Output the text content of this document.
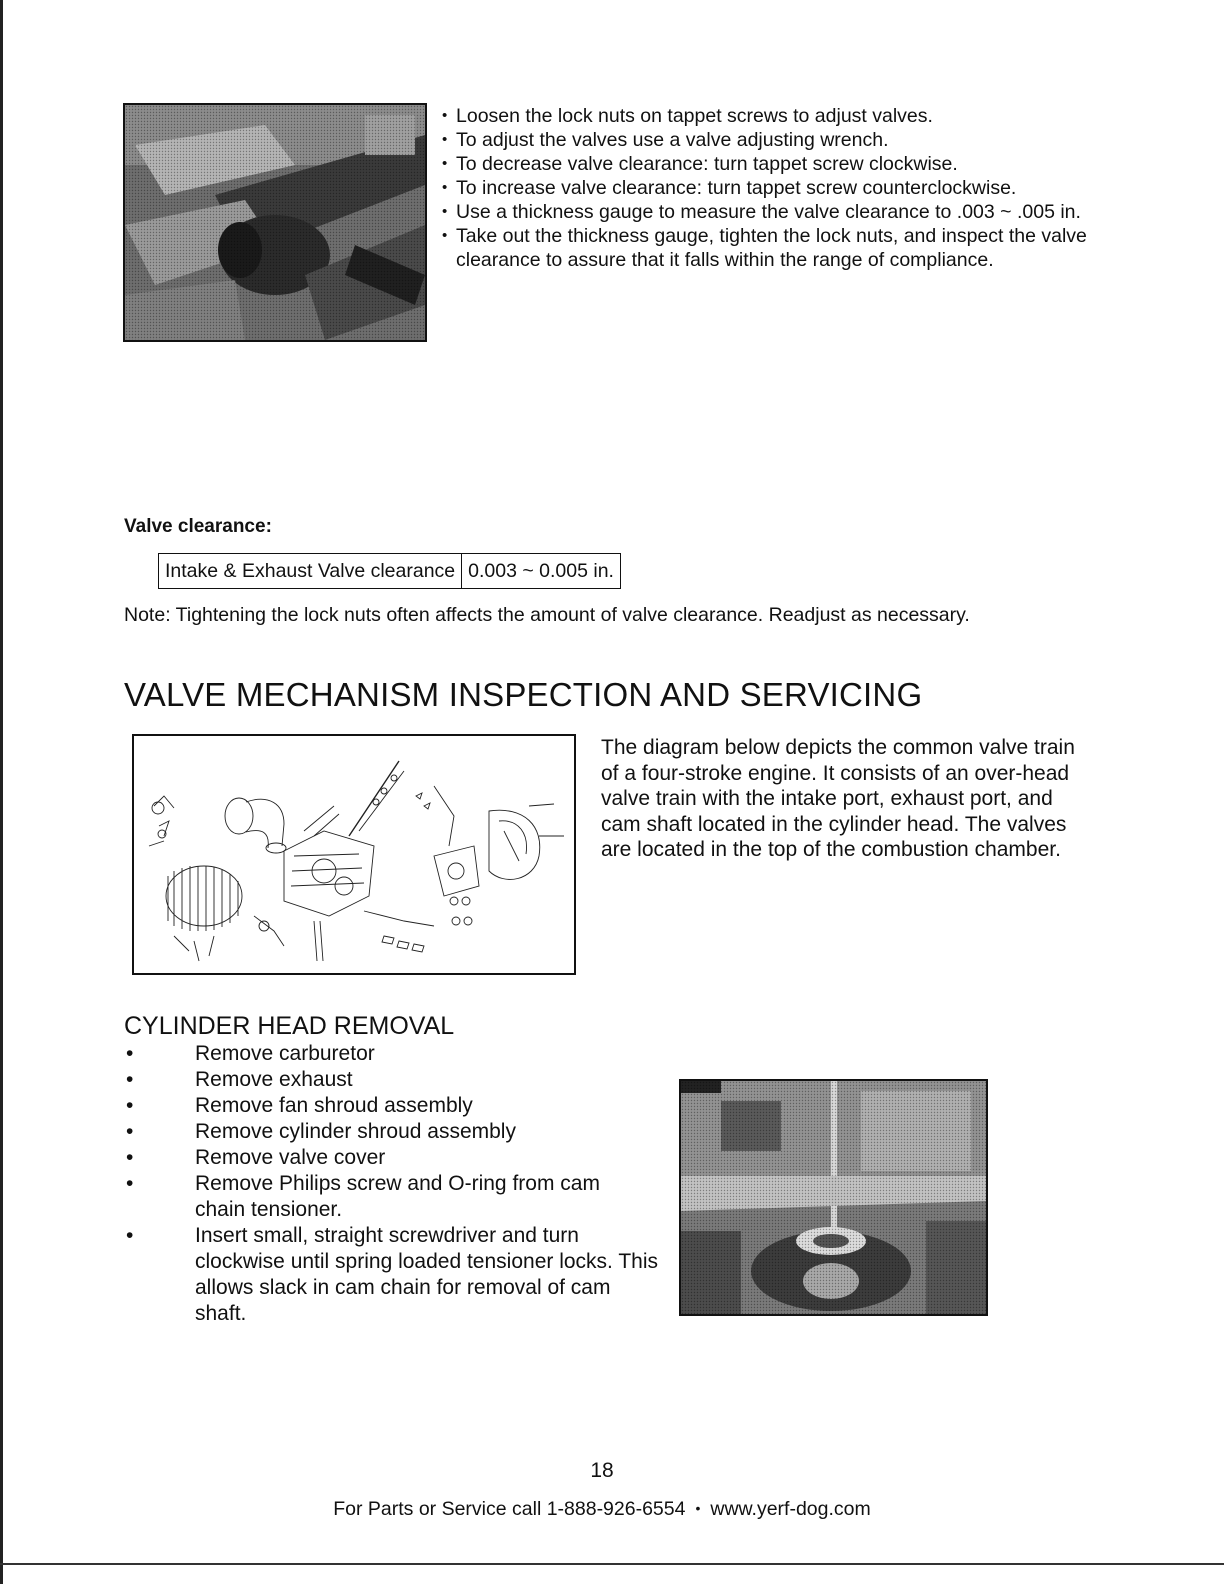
• Loosen the lock nuts on tappet screws to adjust valves.
• To adjust the valves use a valve adjusting wrench.
• To decrease valve clearance: turn tappet screw clockwise.
• To increase valve clearance: turn tappet screw counterclockwise.
• Use a thickness gauge to measure the valve clearance to .003 ~ .005 in.
• Take out the thickness gauge, tighten the lock nuts, and inspect the valve clearance to assure that it falls within the range of compliance.
Valve clearance:
Intake & Exhaust Valve clearance	0.003 ~ 0.005 in.

Note: Tightening the lock nuts often affects the amount of valve clearance. Readjust as necessary.

VALVE MECHANISM INSPECTION AND SERVICING

The diagram below depicts the common valve train of a four-stroke engine. It consists of an over-head valve train with the intake port, exhaust port, and cam shaft located in the cylinder head. The valves are located in the top of the combustion chamber.

CYLINDER HEAD REMOVAL
• Remove carburetor
• Remove exhaust
• Remove fan shroud assembly
• Remove cylinder shroud assembly
• Remove valve cover
• Remove Philips screw and O-ring from cam chain tensioner.
• Insert small, straight screwdriver and turn clockwise until spring loaded tensioner locks. This allows slack in cam chain for removal of cam shaft.

18

For Parts or Service call 1-888-926-6554 • www.yerf-dog.com
